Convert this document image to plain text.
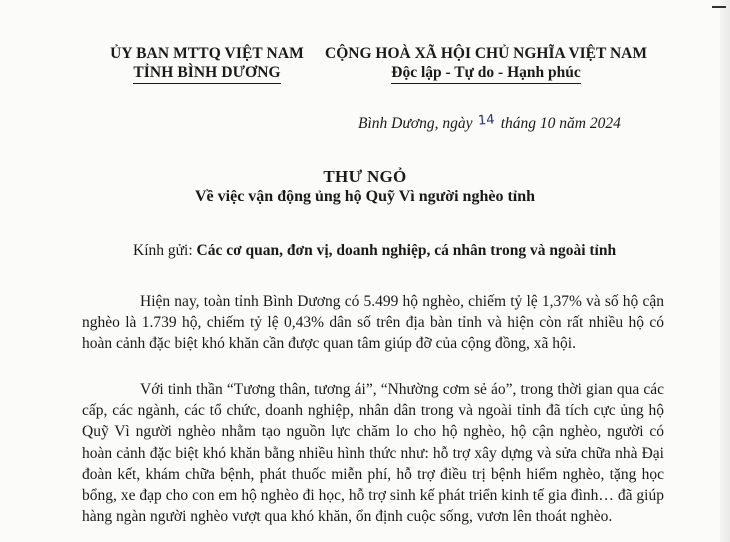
ỦY BAN MTTQ VIỆT NAM
TỈNH BÌNH DƯƠNG
CỘNG HOÀ XÃ HỘI CHỦ NGHĨA VIỆT NAM
Độc lập - Tự do - Hạnh phúc
Bình Dương, ngày 14 tháng 10 năm 2024
THƯ NGỎ
Về việc vận động ủng hộ Quỹ Vì người nghèo tỉnh
Kính gửi: Các cơ quan, đơn vị, doanh nghiệp, cá nhân trong và ngoài tỉnh
Hiện nay, toàn tỉnh Bình Dương có 5.499 hộ nghèo, chiếm tỷ lệ 1,37% và số hộ cận nghèo là 1.739 hộ, chiếm tỷ lệ 0,43% dân số trên địa bàn tỉnh và hiện còn rất nhiều hộ có hoàn cảnh đặc biệt khó khăn cần được quan tâm giúp đỡ của cộng đồng, xã hội.
Với tinh thần “Tương thân, tương ái”, “Nhường cơm sẻ áo”, trong thời gian qua các cấp, các ngành, các tổ chức, doanh nghiệp, nhân dân trong và ngoài tỉnh đã tích cực ủng hộ Quỹ Vì người nghèo nhằm tạo nguồn lực chăm lo cho hộ nghèo, hộ cận nghèo, người có hoàn cảnh đặc biệt khó khăn bằng nhiều hình thức như: hỗ trợ xây dựng và sửa chữa nhà Đại đoàn kết, khám chữa bệnh, phát thuốc miễn phí, hỗ trợ điều trị bệnh hiểm nghèo, tặng học bổng, xe đạp cho con em hộ nghèo đi học, hỗ trợ sinh kế phát triển kinh tế gia đình… đã giúp hàng ngàn người nghèo vượt qua khó khăn, ổn định cuộc sống, vươn lên thoát nghèo.
